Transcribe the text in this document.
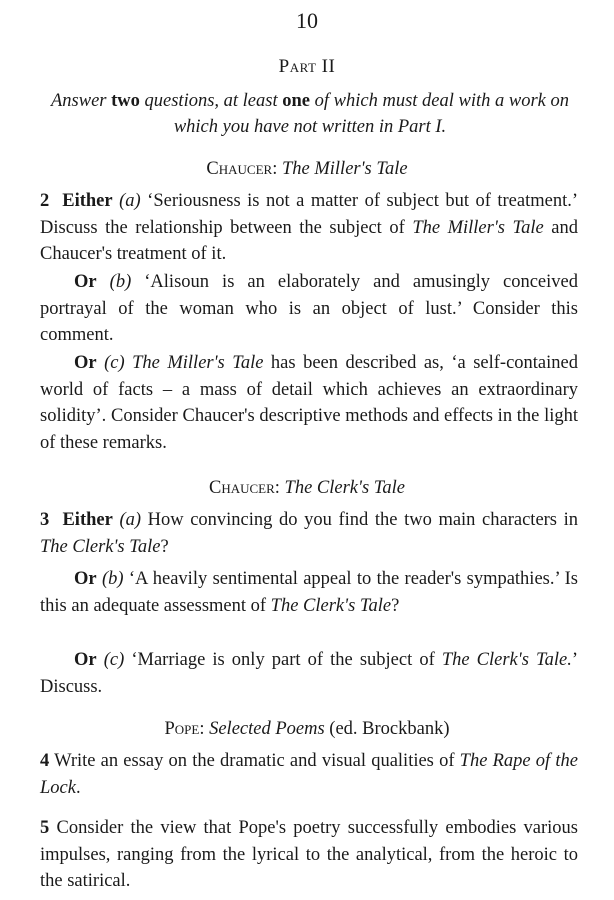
10
Part II
Answer two questions, at least one of which must deal with a work on which you have not written in Part I.
Chaucer: The Miller's Tale
2 Either (a) ‘Seriousness is not a matter of subject but of treatment.’ Discuss the relationship between the subject of The Miller's Tale and Chaucer's treatment of it.
Or (b) ‘Alisoun is an elaborately and amusingly conceived portrayal of the woman who is an object of lust.’ Consider this comment.
Or (c) The Miller's Tale has been described as, ‘a self-contained world of facts – a mass of detail which achieves an extraordinary solidity’. Consider Chaucer's descriptive methods and effects in the light of these remarks.
Chaucer: The Clerk's Tale
3 Either (a) How convincing do you find the two main characters in The Clerk's Tale?
Or (b) ‘A heavily sentimental appeal to the reader's sympathies.’ Is this an adequate assessment of The Clerk's Tale?
Or (c) ‘Marriage is only part of the subject of The Clerk's Tale.’ Discuss.
Pope: Selected Poems (ed. Brockbank)
4 Write an essay on the dramatic and visual qualities of The Rape of the Lock.
5 Consider the view that Pope's poetry successfully embodies various impulses, ranging from the lyrical to the analytical, from the heroic to the satirical.
